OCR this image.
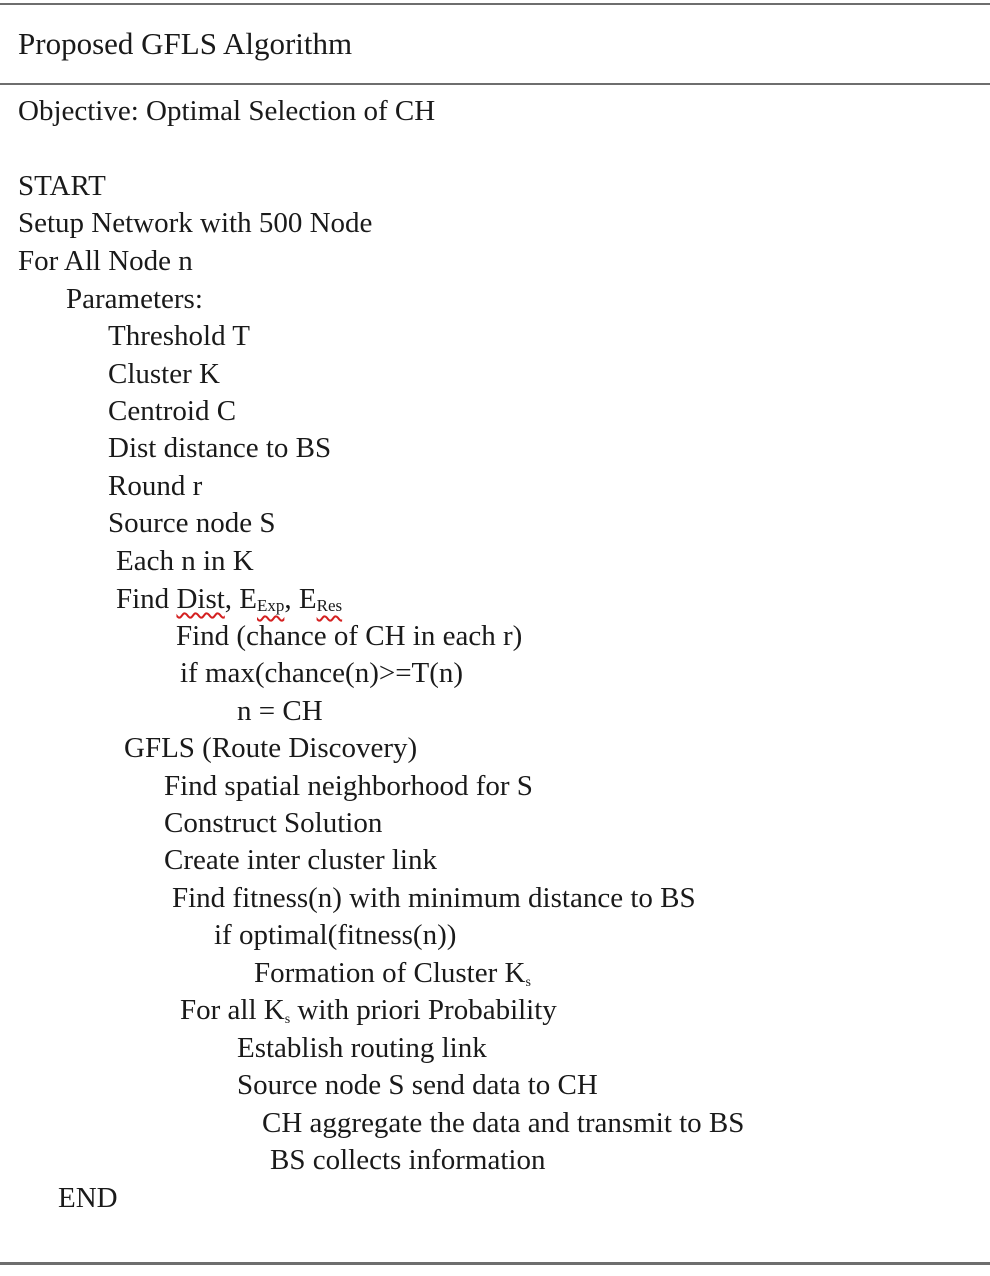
Proposed GFLS Algorithm
Objective: Optimal Selection of CH
START
Setup Network with 500 Node
For All Node n
Parameters:
Threshold T
Cluster K
Centroid C
Dist distance to BS
Round r
Source node S
Each n in K
Find Dist, EExp, ERes
Find (chance of CH in each r)
if max(chance(n)>=T(n)
n = CH
GFLS (Route Discovery)
Find spatial neighborhood for S
Construct Solution
Create inter cluster link
Find fitness(n) with minimum distance to BS
if optimal(fitness(n))
Formation of Cluster Ks
For all Ks with priori Probability
Establish routing link
Source node S send data to CH
CH aggregate the data and transmit to BS
BS collects information
END
